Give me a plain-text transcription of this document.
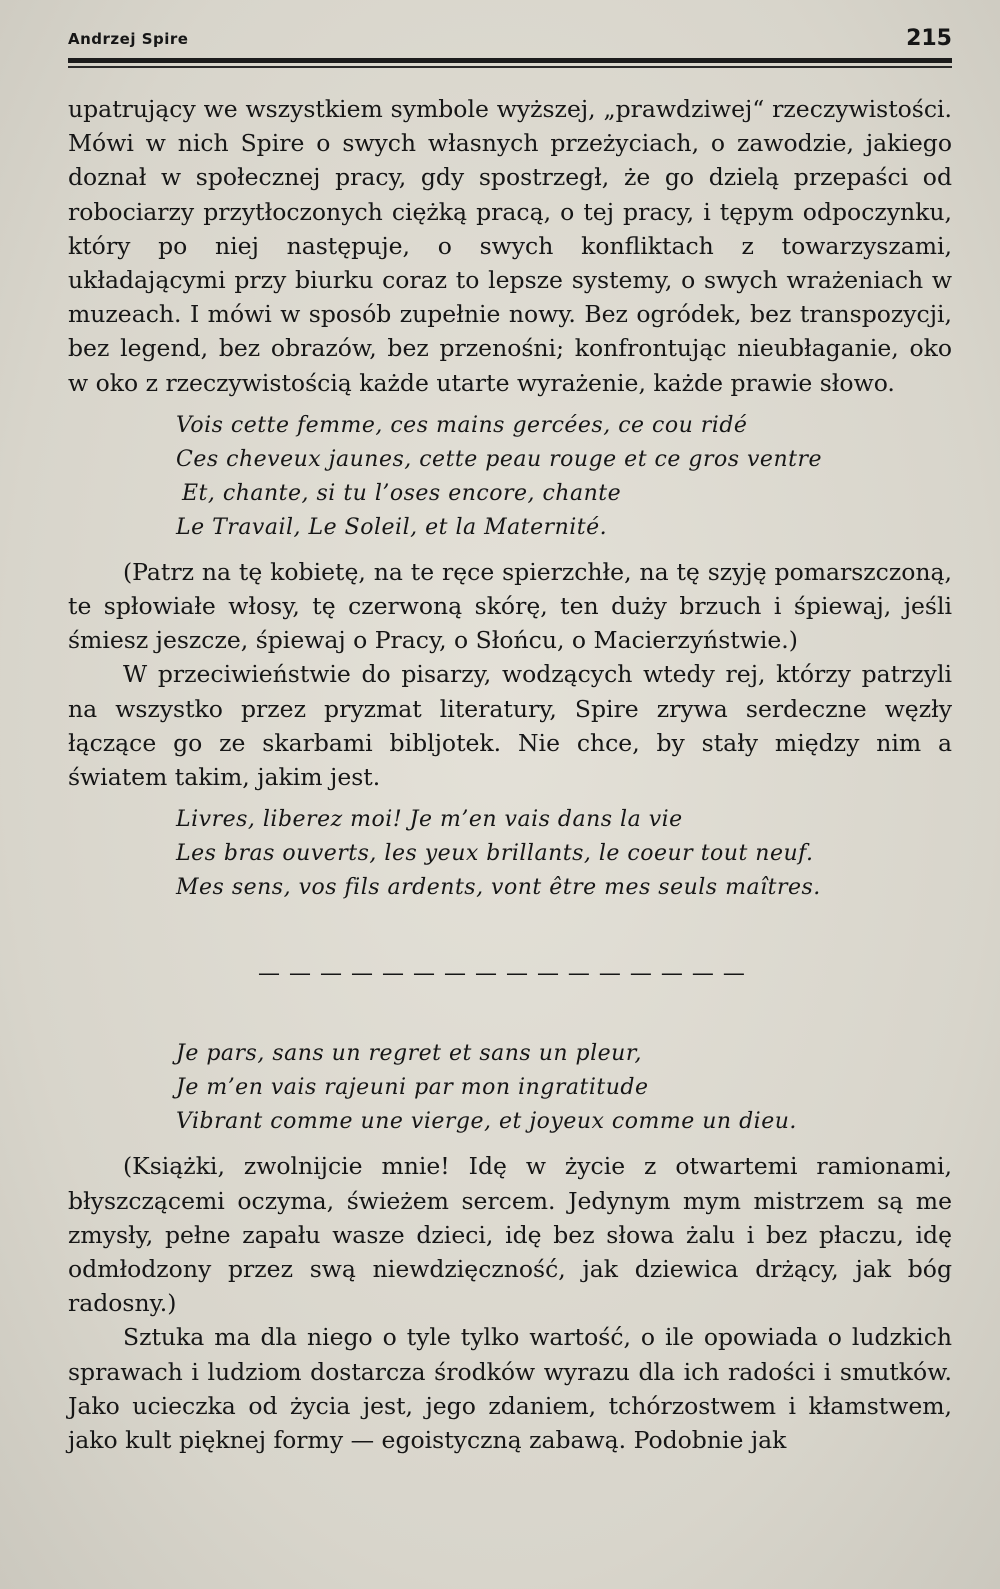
Andrzej Spire	215

upatrujący we wszystkiem symbole wyższej, „prawdziwej“ rzeczywistości. Mówi w nich Spire o swych własnych przeżyciach, o zawodzie, jakiego doznał w społecznej pracy, gdy spostrzegł, że go dzielą przepaści od robociarzy przytłoczonych ciężką pracą, o tej pracy, i tępym odpoczynku, który po niej następuje, o swych konfliktach z towarzyszami, układającymi przy biurku coraz to lepsze systemy, o swych wrażeniach w muzeach. I mówi w sposób zupełnie nowy. Bez ogródek, bez transpozycji, bez legend, bez obrazów, bez przenośni; konfrontując nieubłaganie, oko w oko z rzeczywistością każde utarte wyrażenie, każde prawie słowo.

Vois cette femme, ces mains gercées, ce cou ridé
Ces cheveux jaunes, cette peau rouge et ce gros ventre
Et, chante, si tu l’oses encore, chante
Le Travail, Le Soleil, et la Maternité.

(Patrz na tę kobietę, na te ręce spierzchłe, na tę szyję pomarszczoną, te spłowiałe włosy, tę czerwoną skórę, ten duży brzuch i śpiewaj, jeśli śmiesz jeszcze, śpiewaj o Pracy, o Słońcu, o Macierzyństwie.)

W przeciwieństwie do pisarzy, wodzących wtedy rej, którzy patrzyli na wszystko przez pryzmat literatury, Spire zrywa serdeczne węzły łączące go ze skarbami bibljotek. Nie chce, by stały między nim a światem takim, jakim jest.

Livres, liberez moi! Je m’en vais dans la vie
Les bras ouverts, les yeux brillants, le coeur tout neuf.
Mes sens, vos fils ardents, vont être mes seuls maîtres.
— — — — — — — — — — — — — — — —
Je pars, sans un regret et sans un pleur,
Je m’en vais rajeuni par mon ingratitude
Vibrant comme une vierge, et joyeux comme un dieu.

(Książki, zwolnijcie mnie! Idę w życie z otwartemi ramionami, błyszczącemi oczyma, świeżem sercem. Jedynym mym mistrzem są me zmysły, pełne zapału wasze dzieci, idę bez słowa żalu i bez płaczu, idę odmłodzony przez swą niewdzięczność, jak dziewica drżący, jak bóg radosny.)

Sztuka ma dla niego o tyle tylko wartość, o ile opowiada o ludzkich sprawach i ludziom dostarcza środków wyrazu dla ich radości i smutków. Jako ucieczka od życia jest, jego zdaniem, tchórzostwem i kłamstwem, jako kult pięknej formy — egoistyczną zabawą. Podobnie jak
